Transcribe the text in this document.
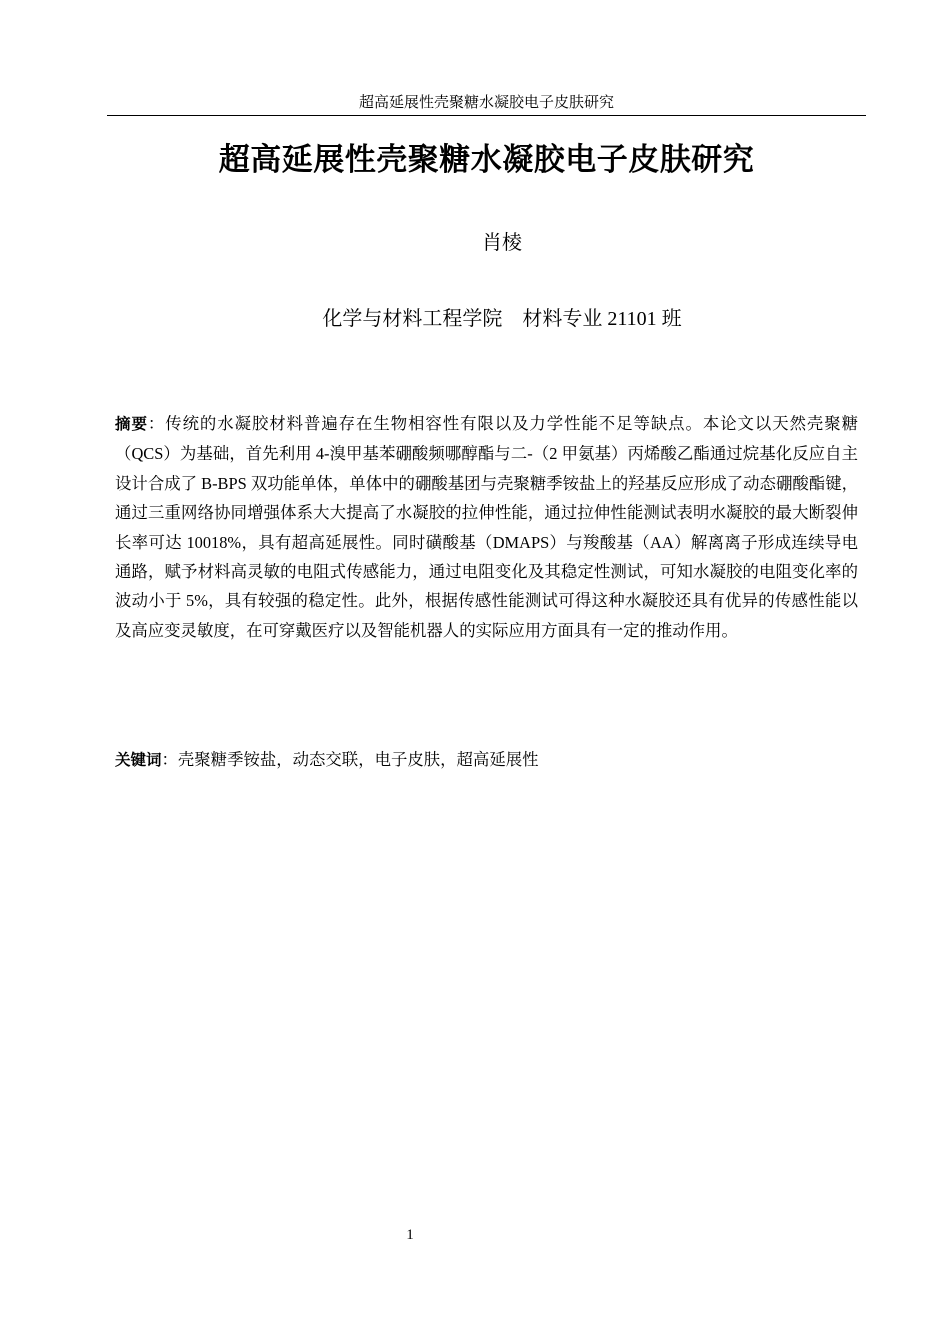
超高延展性壳聚糖水凝胶电子皮肤研究
超高延展性壳聚糖水凝胶电子皮肤研究
肖棱
化学与材料工程学院 材料专业 21101 班

摘要：传统的水凝胶材料普遍存在生物相容性有限以及力学性能不足等缺点。本论文以天然壳聚糖（QCS）为基础，首先利用 4-溴甲基苯硼酸频哪醇酯与二-（2 甲氨基）丙烯酸乙酯通过烷基化反应自主设计合成了 B-BPS 双功能单体，单体中的硼酸基团与壳聚糖季铵盐上的羟基反应形成了动态硼酸酯键，通过三重网络协同增强体系大大提高了水凝胶的拉伸性能，通过拉伸性能测试表明水凝胶的最大断裂伸长率可达 10018%，具有超高延展性。同时磺酸基（DMAPS）与羧酸基（AA）解离离子形成连续导电通路，赋予材料高灵敏的电阻式传感能力，通过电阻变化及其稳定性测试，可知水凝胶的电阻变化率的波动小于 5%，具有较强的稳定性。此外，根据传感性能测试可得这种水凝胶还具有优异的传感性能以及高应变灵敏度，在可穿戴医疗以及智能机器人的实际应用方面具有一定的推动作用。

关键词：壳聚糖季铵盐，动态交联，电子皮肤，超高延展性

1
